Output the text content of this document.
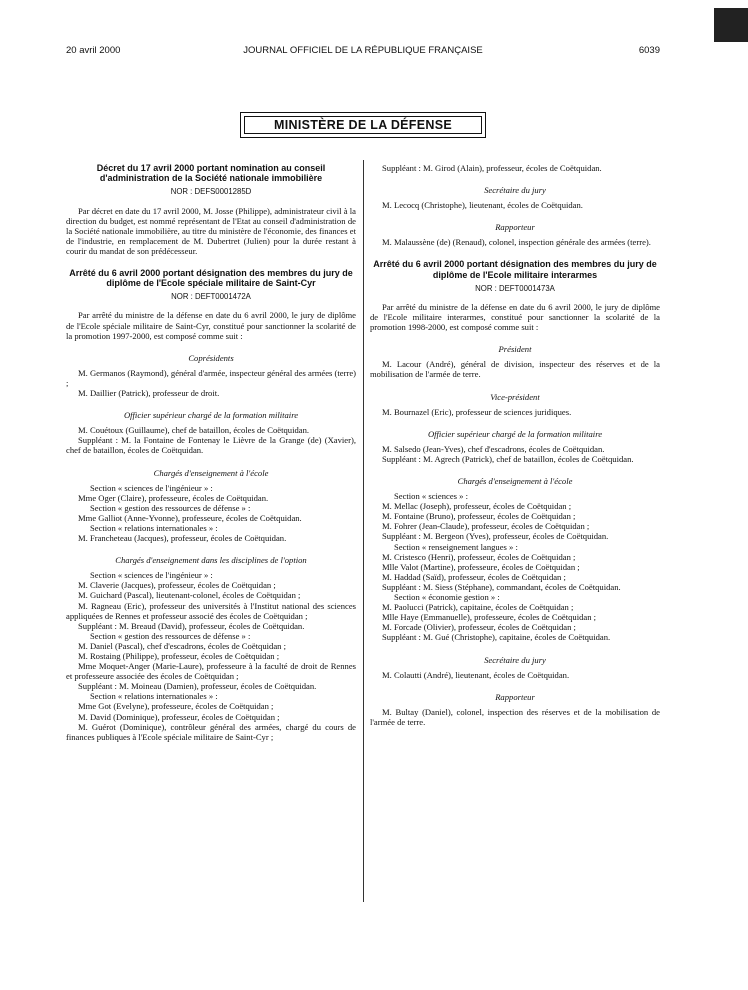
20 avril 2000	JOURNAL OFFICIEL DE LA RÉPUBLIQUE FRANÇAISE	6039
MINISTÈRE DE LA DÉFENSE

Décret du 17 avril 2000 portant nomination au conseil d'administration de la Société nationale immobilière

NOR : DEFS0001285D

Par décret en date du 17 avril 2000, M. Josse (Philippe), administrateur civil à la direction du budget, est nommé représentant de l'Etat au conseil d'administration de la Société nationale immobilière, au titre du ministère de l'économie, des finances et de l'industrie, en remplacement de M. Dubertret (Julien) pour la durée restant à courir du mandat de son prédécesseur.

Arrêté du 6 avril 2000 portant désignation des membres du jury de diplôme de l'Ecole spéciale militaire de Saint-Cyr

NOR : DEFT0001472A

Par arrêté du ministre de la défense en date du 6 avril 2000, le jury de diplôme de l'Ecole spéciale militaire de Saint-Cyr, constitué pour sanctionner la scolarité de la promotion 1997-2000, est composé comme suit :

Coprésidents

M. Germanos (Raymond), général d'armée, inspecteur général des armées (terre) ;

M. Daillier (Patrick), professeur de droit.

Officier supérieur chargé de la formation militaire

M. Couétoux (Guillaume), chef de bataillon, écoles de Coëtquidan.

Suppléant : M. la Fontaine de Fontenay le Lièvre de la Grange (de) (Xavier), chef de bataillon, écoles de Coëtquidan.

Chargés d'enseignement à l'école

Section « sciences de l'ingénieur » :

Mme Oger (Claire), professeure, écoles de Coëtquidan.

Section « gestion des ressources de défense » :

Mme Galliot (Anne-Yvonne), professeure, écoles de Coëtquidan.

Section « relations internationales » :

M. Francheteau (Jacques), professeur, écoles de Coëtquidan.

Chargés d'enseignement dans les disciplines de l'option

Section « sciences de l'ingénieur » :

M. Claverie (Jacques), professeur, écoles de Coëtquidan ;

M. Guichard (Pascal), lieutenant-colonel, écoles de Coëtquidan ;

M. Ragneau (Eric), professeur des universités à l'Institut national des sciences appliquées de Rennes et professeur associé des écoles de Coëtquidan ;

Suppléant : M. Breaud (David), professeur, écoles de Coëtquidan.

Section « gestion des ressources de défense » :

M. Daniel (Pascal), chef d'escadrons, écoles de Coëtquidan ;

M. Rostaing (Philippe), professeur, écoles de Coëtquidan ;

Mme Moquet-Anger (Marie-Laure), professeure à la faculté de droit de Rennes et professeure associée des écoles de Coëtquidan ;

Suppléant : M. Moineau (Damien), professeur, écoles de Coëtquidan.

Section « relations internationales » :

Mme Got (Evelyne), professeure, écoles de Coëtquidan ;

M. David (Dominique), professeur, écoles de Coëtquidan ;

M. Guérot (Dominique), contrôleur général des armées, chargé du cours de finances publiques à l'Ecole spéciale militaire de Saint-Cyr ;

Suppléant : M. Girod (Alain), professeur, écoles de Coëtquidan.

Secrétaire du jury

M. Lecocq (Christophe), lieutenant, écoles de Coëtquidan.

Rapporteur

M. Malaussène (de) (Renaud), colonel, inspection générale des armées (terre).

Arrêté du 6 avril 2000 portant désignation des membres du jury de diplôme de l'Ecole militaire interarmes

NOR : DEFT0001473A

Par arrêté du ministre de la défense en date du 6 avril 2000, le jury de diplôme de l'Ecole militaire interarmes, constitué pour sanctionner la scolarité de la promotion 1998-2000, est composé comme suit :

Président

M. Lacour (André), général de division, inspecteur des réserves et de la mobilisation de l'armée de terre.

Vice-président

M. Bournazel (Eric), professeur de sciences juridiques.

Officier supérieur chargé de la formation militaire

M. Salsedo (Jean-Yves), chef d'escadrons, écoles de Coëtquidan.

Suppléant : M. Agrech (Patrick), chef de bataillon, écoles de Coëtquidan.

Chargés d'enseignement à l'école

Section « sciences » :

M. Mellac (Joseph), professeur, écoles de Coëtquidan ;

M. Fontaine (Bruno), professeur, écoles de Coëtquidan ;

M. Fohrer (Jean-Claude), professeur, écoles de Coëtquidan ;

Suppléant : M. Bergeon (Yves), professeur, écoles de Coëtquidan.

Section « renseignement langues » :

M. Cristesco (Henri), professeur, écoles de Coëtquidan ;

Mlle Valot (Martine), professeure, écoles de Coëtquidan ;

M. Haddad (Saïd), professeur, écoles de Coëtquidan ;

Suppléant : M. Siess (Stéphane), commandant, écoles de Coëtquidan.

Section « économie gestion » :

M. Paolucci (Patrick), capitaine, écoles de Coëtquidan ;

Mlle Haye (Emmanuelle), professeure, écoles de Coëtquidan ;

M. Forcade (Olivier), professeur, écoles de Coëtquidan ;

Suppléant : M. Gué (Christophe), capitaine, écoles de Coëtquidan.

Secrétaire du jury

M. Colautti (André), lieutenant, écoles de Coëtquidan.

Rapporteur

M. Bultay (Daniel), colonel, inspection des réserves et de la mobilisation de l'armée de terre.
